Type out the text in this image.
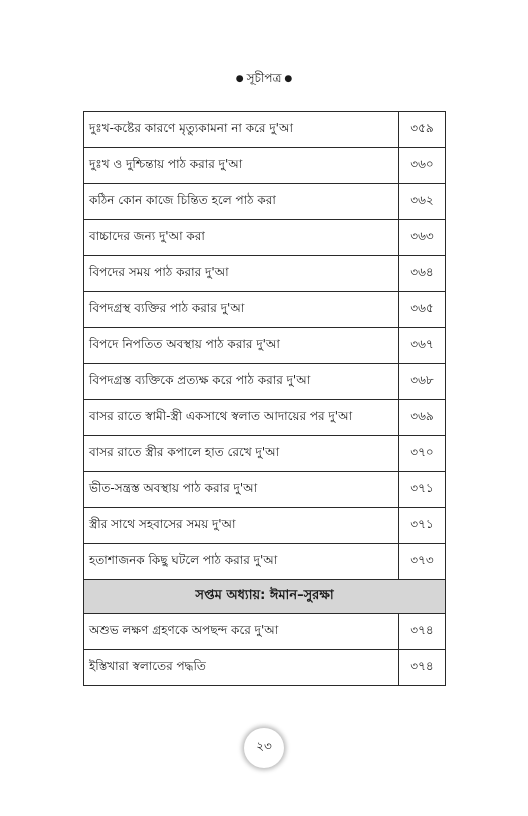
● সূচীপত্র ●
দুঃখ-কষ্টের কারণে মৃত্যুকামনা না করে দু'আ	৩৫৯
দুঃখ ও দুশ্চিন্তায় পাঠ করার দু'আ	৩৬০
কঠিন কোন কাজে চিন্তিত হলে পাঠ করা	৩৬২
বাচ্চাদের জন্য দু'আ করা	৩৬৩
বিপদের সময় পাঠ করার দু'আ	৩৬৪
বিপদগ্রস্থ ব্যক্তির পাঠ করার দু'আ	৩৬৫
বিপদে নিপতিত অবস্থায় পাঠ করার দু'আ	৩৬৭
বিপদগ্রস্ত ব্যক্তিকে প্রত্যক্ষ করে পাঠ করার দু'আ	৩৬৮
বাসর রাতে স্বামী-স্ত্রী একসাথে স্বলাত আদায়ের পর দু'আ	৩৬৯
বাসর রাতে স্ত্রীর কপালে হাত রেখে দু'আ	৩৭০
ভীত-সন্ত্রস্ত অবস্থায় পাঠ করার দু'আ	৩৭১
স্ত্রীর সাথে সহবাসের সময় দু'আ	৩৭১
হতাশাজনক কিছু ঘটলে পাঠ করার দু'আ	৩৭৩
সপ্তম অধ্যায়: ঈমান–সুরক্ষা	
অশুভ লক্ষণ গ্রহণকে অপছন্দ করে দু'আ	৩৭৪
ইস্তিখারা স্বলাতের পদ্ধতি	৩৭৪
২৩
